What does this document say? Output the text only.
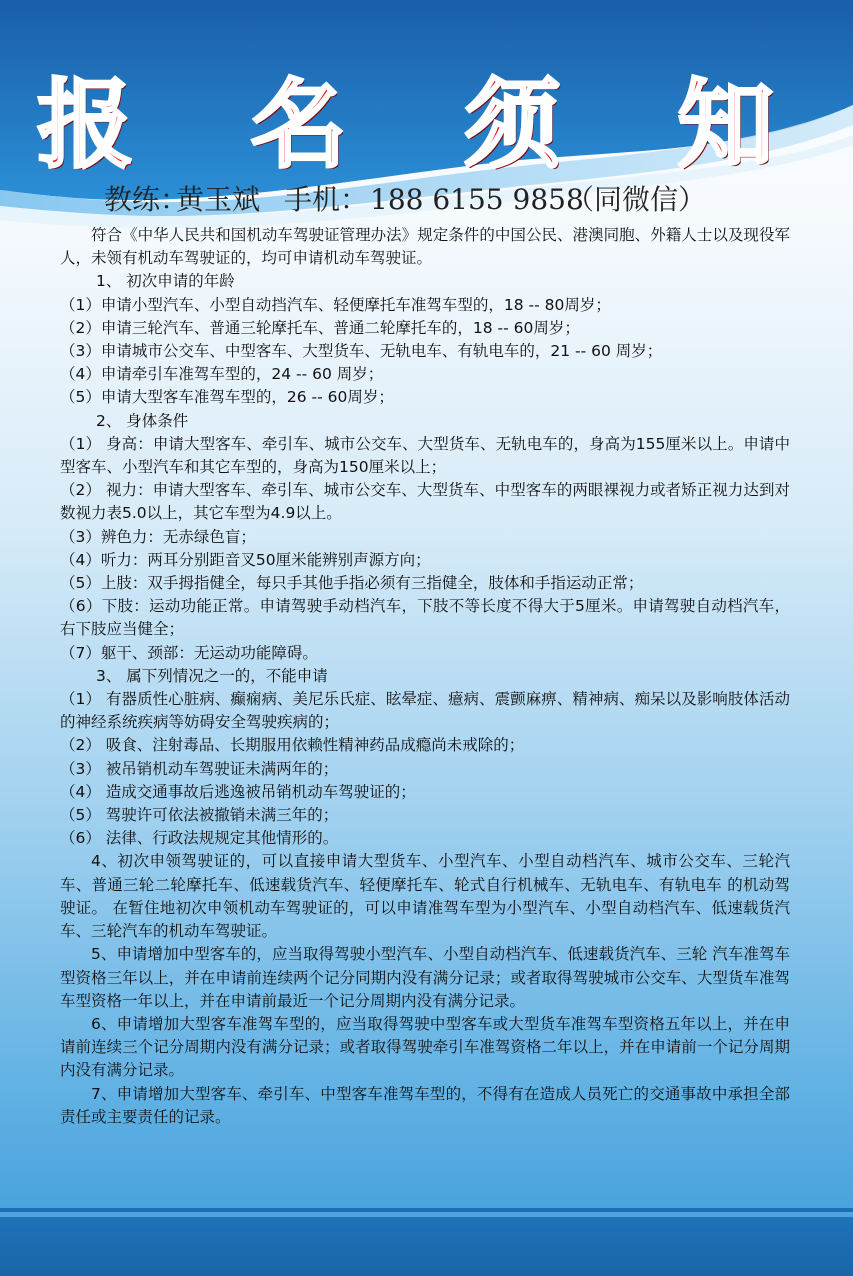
报 名 须 知
教练：黄玉斌 手机：188 6155 9858（同微信）

符合《中华人民共和国机动车驾驶证管理办法》规定条件的中国公民、港澳同胞、外籍人士以及现役军人，未领有机动车驾驶证的，均可申请机动车驾驶证。

1、 初次申请的年龄

（1）申请小型汽车、小型自动挡汽车、轻便摩托车准驾车型的，18 -- 80周岁；

（2）申请三轮汽车、普通三轮摩托车、普通二轮摩托车的，18 -- 60周岁；

（3）申请城市公交车、中型客车、大型货车、无轨电车、有轨电车的，21 -- 60 周岁；

（4）申请牵引车准驾车型的，24 -- 60 周岁；

（5）申请大型客车准驾车型的，26 -- 60周岁；

2、 身体条件

（1） 身高：申请大型客车、牵引车、城市公交车、大型货车、无轨电车的，身高为155厘米以上。申请中型客车、小型汽车和其它车型的，身高为150厘米以上；

（2） 视力：申请大型客车、牵引车、城市公交车、大型货车、中型客车的两眼裸视力或者矫正视力达到对数视力表5.0以上，其它车型为4.9以上。

（3）辨色力：无赤绿色盲；

（4）听力：两耳分别距音叉50厘米能辨别声源方向；

（5）上肢：双手拇指健全，每只手其他手指必须有三指健全，肢体和手指运动正常；

（6）下肢：运动功能正常。申请驾驶手动档汽车，下肢不等长度不得大于5厘米。申请驾驶自动档汽车，右下肢应当健全；

（7）躯干、颈部：无运动功能障碍。

3、 属下列情况之一的，不能申请

（1） 有器质性心脏病、癫痫病、美尼乐氏症、眩晕症、癔病、震颤麻痹、精神病、痴呆以及影响肢体活动的神经系统疾病等妨碍安全驾驶疾病的；

（2） 吸食、注射毒品、长期服用依赖性精神药品成瘾尚未戒除的；

（3） 被吊销机动车驾驶证未满两年的；

（4） 造成交通事故后逃逸被吊销机动车驾驶证的；

（5） 驾驶许可依法被撤销未满三年的；

（6） 法律、行政法规规定其他情形的。

4、初次申领驾驶证的，可以直接申请大型货车、小型汽车、小型自动档汽车、城市公交车、三轮汽车、普通三轮二轮摩托车、低速载货汽车、轻便摩托车、轮式自行机械车、无轨电车、有轨电车 的机动驾驶证。 在暂住地初次申领机动车驾驶证的，可以申请准驾车型为小型汽车、小型自动档汽车、低速载货汽车、三轮汽车的机动车驾驶证。

5、申请增加中型客车的，应当取得驾驶小型汽车、小型自动档汽车、低速载货汽车、三轮 汽车准驾车型资格三年以上，并在申请前连续两个记分同期内没有满分记录；或者取得驾驶城市公交车、大型货车准驾车型资格一年以上，并在申请前最近一个记分周期内没有满分记录。

6、申请增加大型客车准驾车型的，应当取得驾驶中型客车或大型货车准驾车型资格五年以上，并在申请前连续三个记分周期内没有满分记录；或者取得驾驶牵引车准驾资格二年以上，并在申请前一个记分周期内没有满分记录。

7、申请增加大型客车、牵引车、中型客车准驾车型的，不得有在造成人员死亡的交通事故中承担全部责任或主要责任的记录。
